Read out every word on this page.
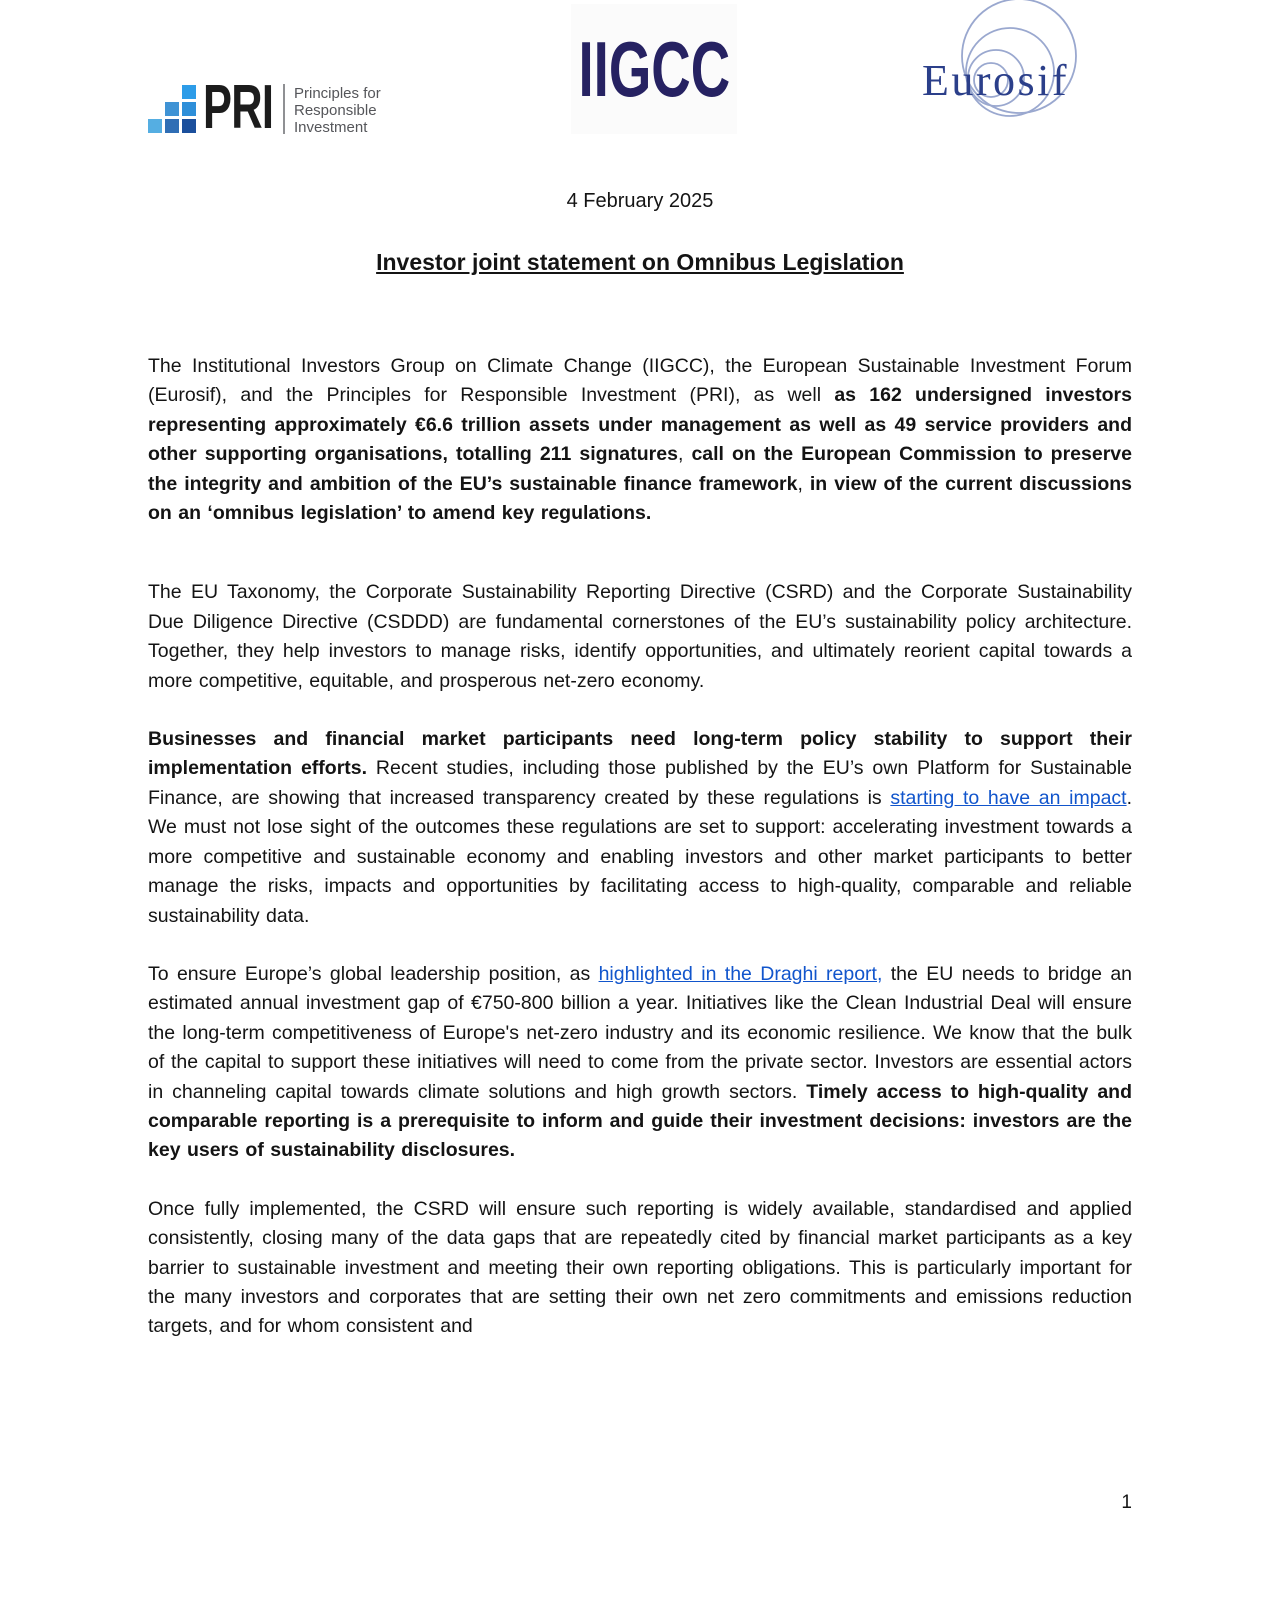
PRI Principles for
Responsible
Investment
IIGCC	Eurosif
4 February 2025
Investor joint statement on Omnibus Legislation

The Institutional Investors Group on Climate Change (IIGCC), the European Sustainable Investment Forum (Eurosif), and the Principles for Responsible Investment (PRI), as well as 162 undersigned investors representing approximately €6.6 trillion assets under management as well as 49 service providers and other supporting organisations, totalling 211 signatures, call on the European Commission to preserve the integrity and ambition of the EU’s sustainable finance framework, in view of the current discussions on an ‘omnibus legislation’ to amend key regulations.

The EU Taxonomy, the Corporate Sustainability Reporting Directive (CSRD) and the Corporate Sustainability Due Diligence Directive (CSDDD) are fundamental cornerstones of the EU’s sustainability policy architecture. Together, they help investors to manage risks, identify opportunities, and ultimately reorient capital towards a more competitive, equitable, and prosperous net-zero economy.

Businesses and financial market participants need long-term policy stability to support their implementation efforts. Recent studies, including those published by the EU’s own Platform for Sustainable Finance, are showing that increased transparency created by these regulations is starting to have an impact. We must not lose sight of the outcomes these regulations are set to support: accelerating investment towards a more competitive and sustainable economy and enabling investors and other market participants to better manage the risks, impacts and opportunities by facilitating access to high-quality, comparable and reliable sustainability data.

To ensure Europe’s global leadership position, as highlighted in the Draghi report, the EU needs to bridge an estimated annual investment gap of €750-800 billion a year. Initiatives like the Clean Industrial Deal will ensure the long-term competitiveness of Europe's net-zero industry and its economic resilience. We know that the bulk of the capital to support these initiatives will need to come from the private sector. Investors are essential actors in channeling capital towards climate solutions and high growth sectors. Timely access to high-quality and comparable reporting is a prerequisite to inform and guide their investment decisions: investors are the key users of sustainability disclosures.

Once fully implemented, the CSRD will ensure such reporting is widely available, standardised and applied consistently, closing many of the data gaps that are repeatedly cited by financial market participants as a key barrier to sustainable investment and meeting their own reporting obligations. This is particularly important for the many investors and corporates that are setting their own net zero commitments and emissions reduction targets, and for whom consistent and

1
